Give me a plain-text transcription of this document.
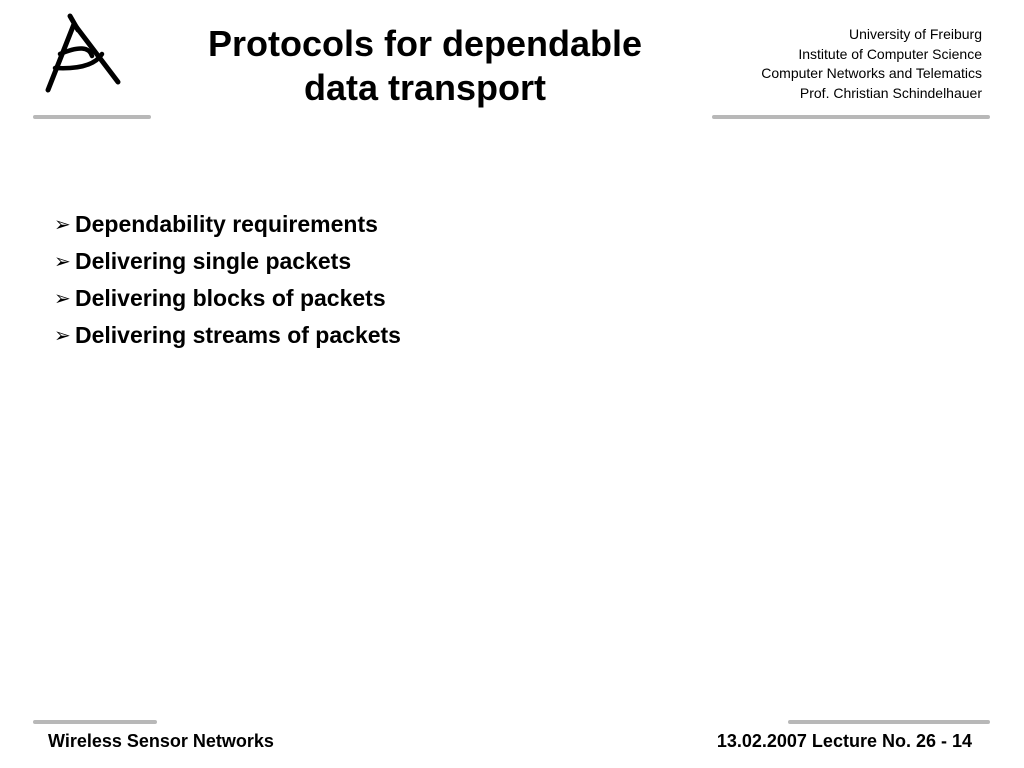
Protocols for dependable
data transport
University of Freiburg
Institute of Computer Science
Computer Networks and Telematics
Prof. Christian Schindelhauer
➢ Dependability requirements
➢ Delivering single packets
➢ Delivering blocks of packets
➢ Delivering streams of packets
Wireless Sensor Networks	13.02.2007 Lecture No. 26 - 14
